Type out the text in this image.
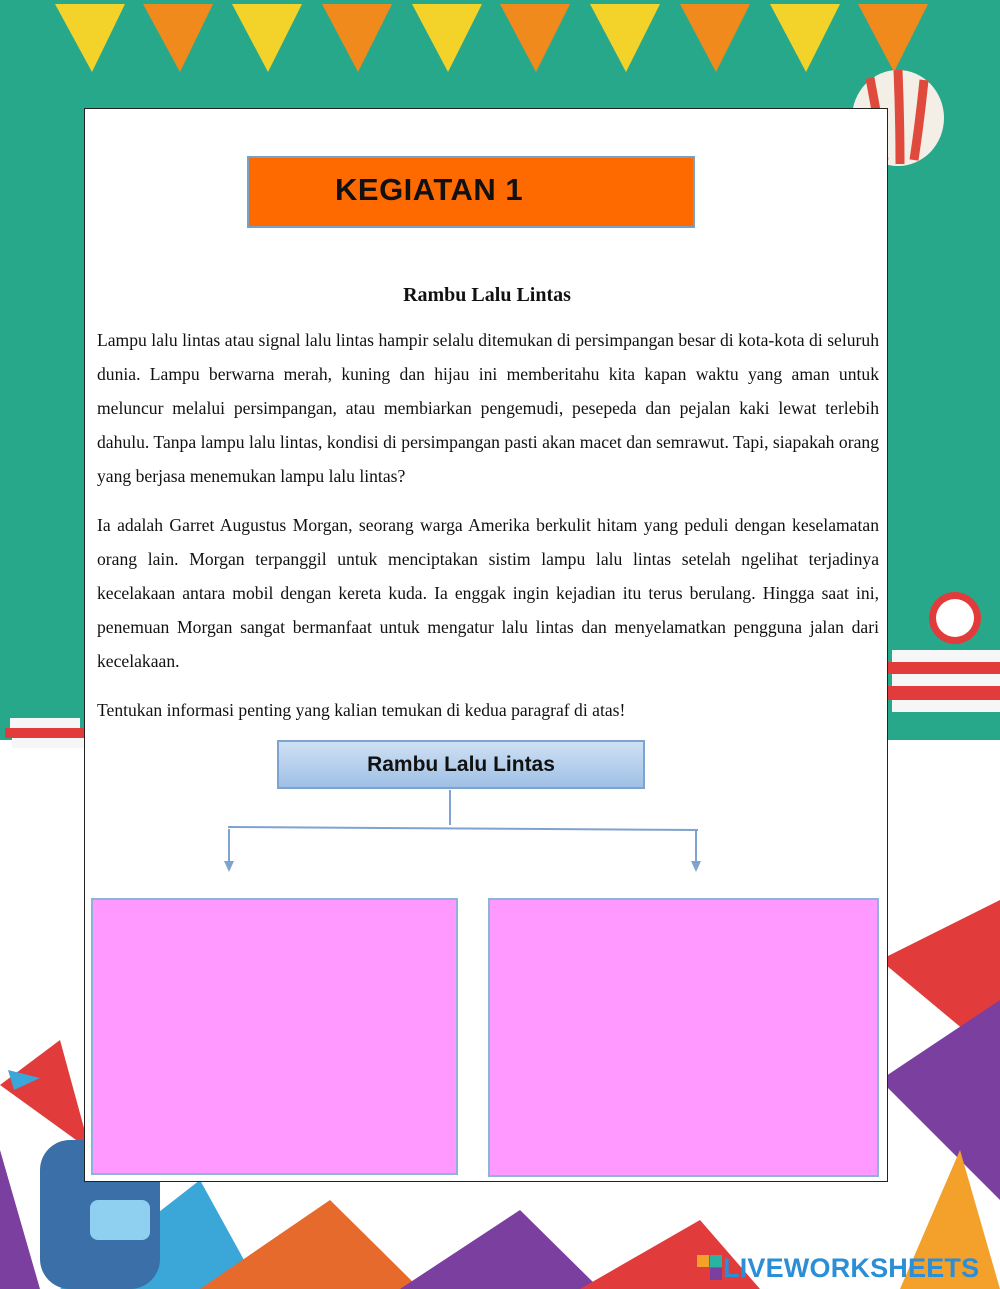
KEGIATAN 1
Rambu Lalu Lintas

Lampu lalu lintas atau signal lalu lintas hampir selalu ditemukan di persimpangan besar di kota-kota di seluruh dunia. Lampu berwarna merah, kuning dan hijau ini memberitahu kita kapan waktu yang aman untuk meluncur melalui persimpangan, atau membiarkan pengemudi, pesepeda dan pejalan kaki lewat terlebih dahulu. Tanpa lampu lalu lintas, kondisi di persimpangan pasti akan macet dan semrawut. Tapi, siapakah orang yang berjasa menemukan lampu lalu lintas?

Ia adalah Garret Augustus Morgan, seorang warga Amerika berkulit hitam yang peduli dengan keselamatan orang lain. Morgan terpanggil untuk menciptakan sistim lampu lalu lintas setelah ngelihat terjadinya kecelakaan antara mobil dengan kereta kuda. Ia enggak ingin kejadian itu terus berulang. Hingga saat ini, penemuan Morgan sangat bermanfaat untuk mengatur lalu lintas dan menyelamatkan pengguna jalan dari kecelakaan.

Tentukan informasi penting yang kalian temukan di kedua paragraf di atas!

Rambu Lalu Lintas
LIVEWORKSHEETS
